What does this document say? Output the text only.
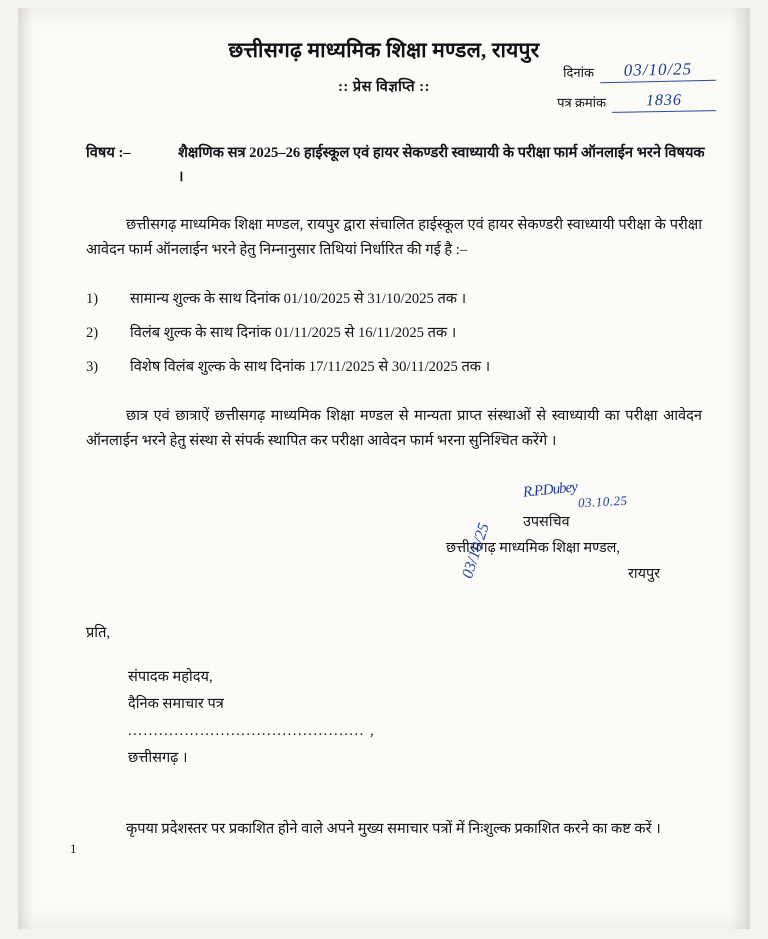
छत्तीसगढ़ माध्यमिक शिक्षा मण्डल, रायपुर
:: प्रेस विज्ञप्ति ::
दिनांक	03/10/25
पत्र क्रमांक	1836
विषय :–	शैक्षणिक सत्र 2025–26 हाईस्कूल एवं हायर सेकण्डरी स्वाध्यायी के परीक्षा फार्म ऑनलाईन भरने विषयक ।
छत्तीसगढ़ माध्यमिक शिक्षा मण्डल, रायपुर द्वारा संचालित हाईस्कूल एवं हायर सेकण्डरी स्वाध्यायी परीक्षा के परीक्षा आवेदन फार्म ऑनलाईन भरने हेतु निम्नानुसार तिथियां निर्धारित की गई है :–
1)	सामान्य शुल्क के साथ दिनांक 01/10/2025 से 31/10/2025 तक ।
2)	विलंब शुल्क के साथ दिनांक 01/11/2025 से 16/11/2025 तक ।
3)	विशेष विलंब शुल्क के साथ दिनांक 17/11/2025 से 30/11/2025 तक ।
छात्र एवं छात्राऐं छत्तीसगढ़ माध्यमिक शिक्षा मण्डल से मान्यता प्राप्त संस्थाओं से स्वाध्यायी का परीक्षा आवेदन ऑनलाईन भरने हेतु संस्था से संपर्क स्थापित कर परीक्षा आवेदन फार्म भरना सुनिश्चित करेंगे ।
R.P.Dubey
03.10.25
उपसचिव
छत्तीसगढ़ माध्यमिक शिक्षा मण्डल,
03/10/25	रायपुर
प्रति,
संपादक महोदय,
दैनिक समाचार पत्र
.............................................. ,
छत्तीसगढ़ ।
कृपया प्रदेशस्तर पर प्रकाशित होने वाले अपने मुख्य समाचार पत्रों में निःशुल्क प्रकाशित करने का कष्ट करें ।
1
